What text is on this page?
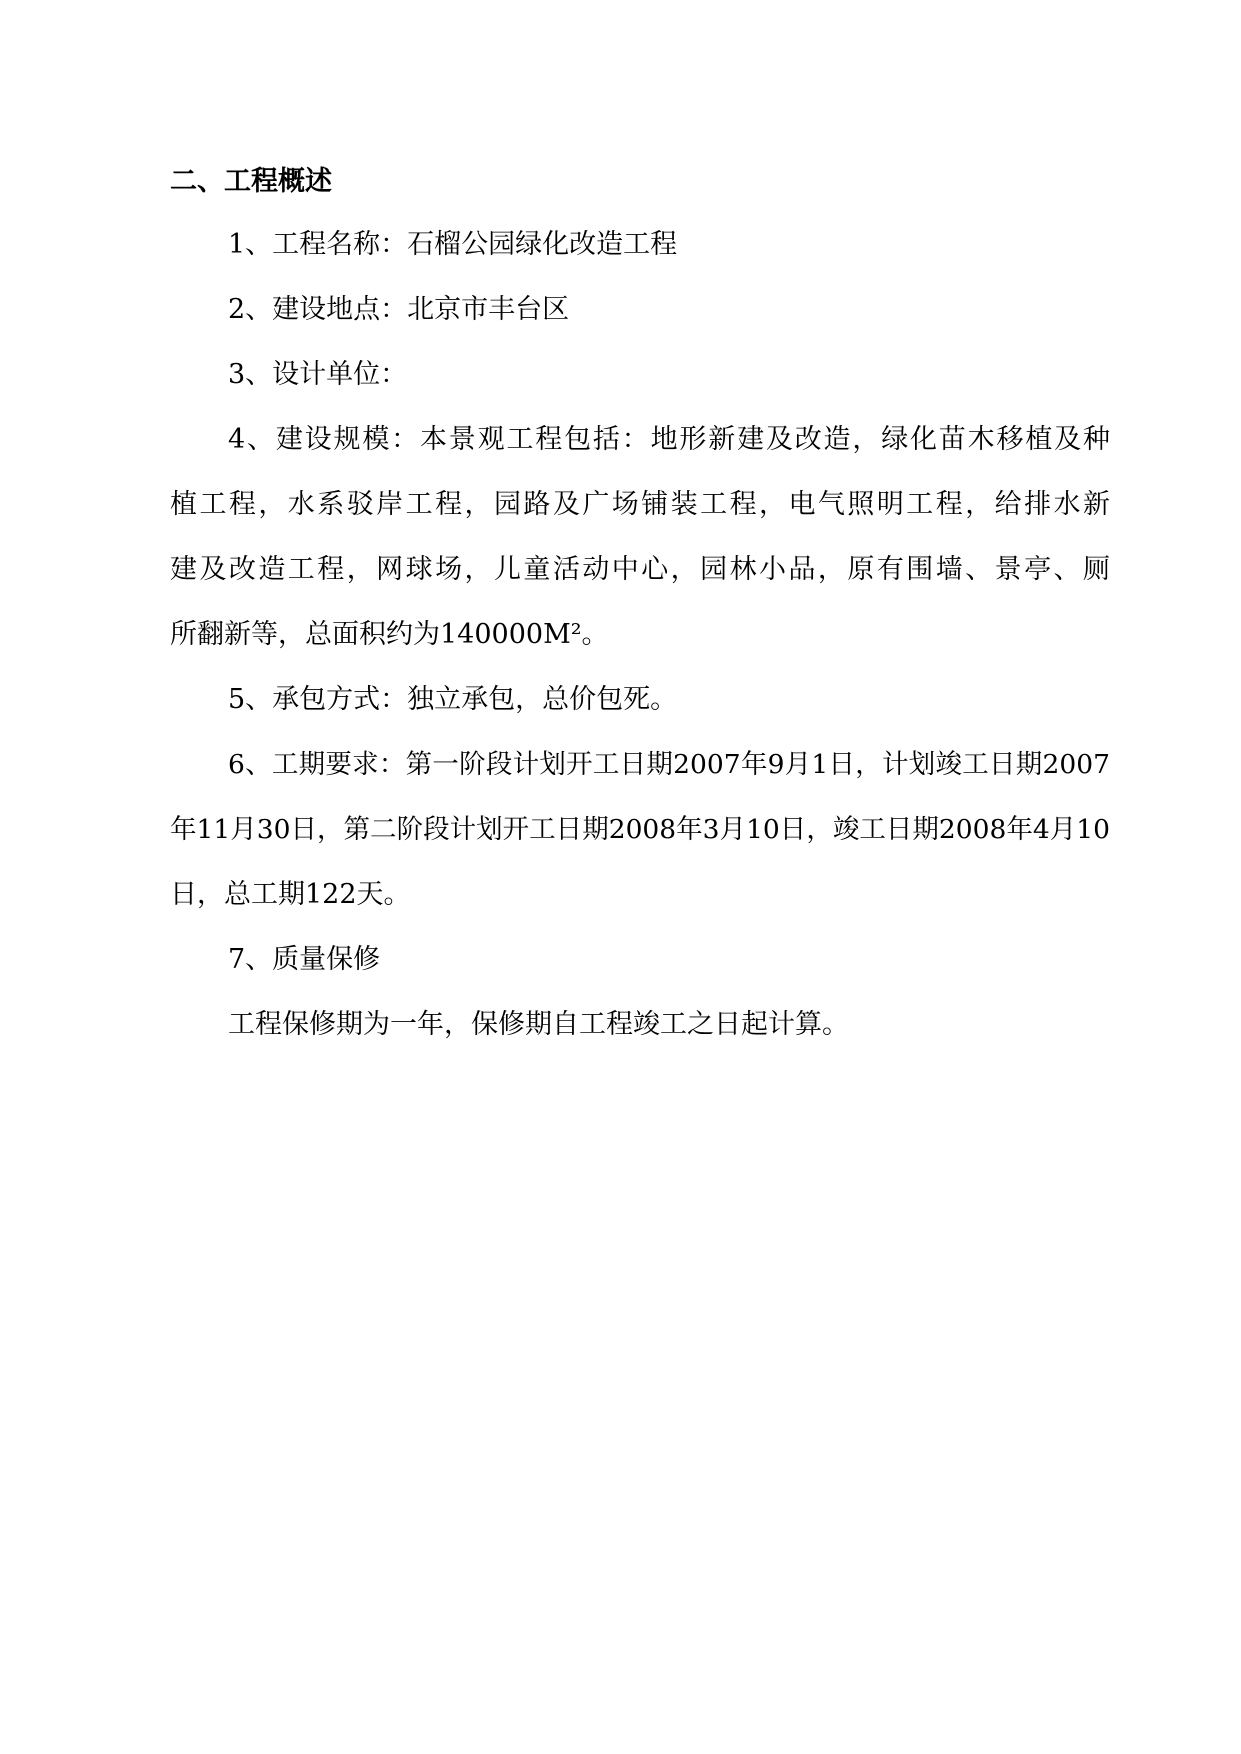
二、工程概述
1、工程名称：石榴公园绿化改造工程
2、建设地点：北京市丰台区
3、设计单位：
4、建设规模：本景观工程包括：地形新建及改造，绿化苗木移植及种
植工程，水系驳岸工程，园路及广场铺装工程，电气照明工程，给排水新
建及改造工程，网球场，儿童活动中心，园林小品，原有围墙、景亭、厕
所翻新等，总面积约为140000M²。
5、承包方式：独立承包，总价包死。
6、工期要求：第一阶段计划开工日期2007年9月1日，计划竣工日期2007
年11月30日，第二阶段计划开工日期2008年3月10日，竣工日期2008年4月10
日，总工期122天。
7、质量保修
工程保修期为一年，保修期自工程竣工之日起计算。
